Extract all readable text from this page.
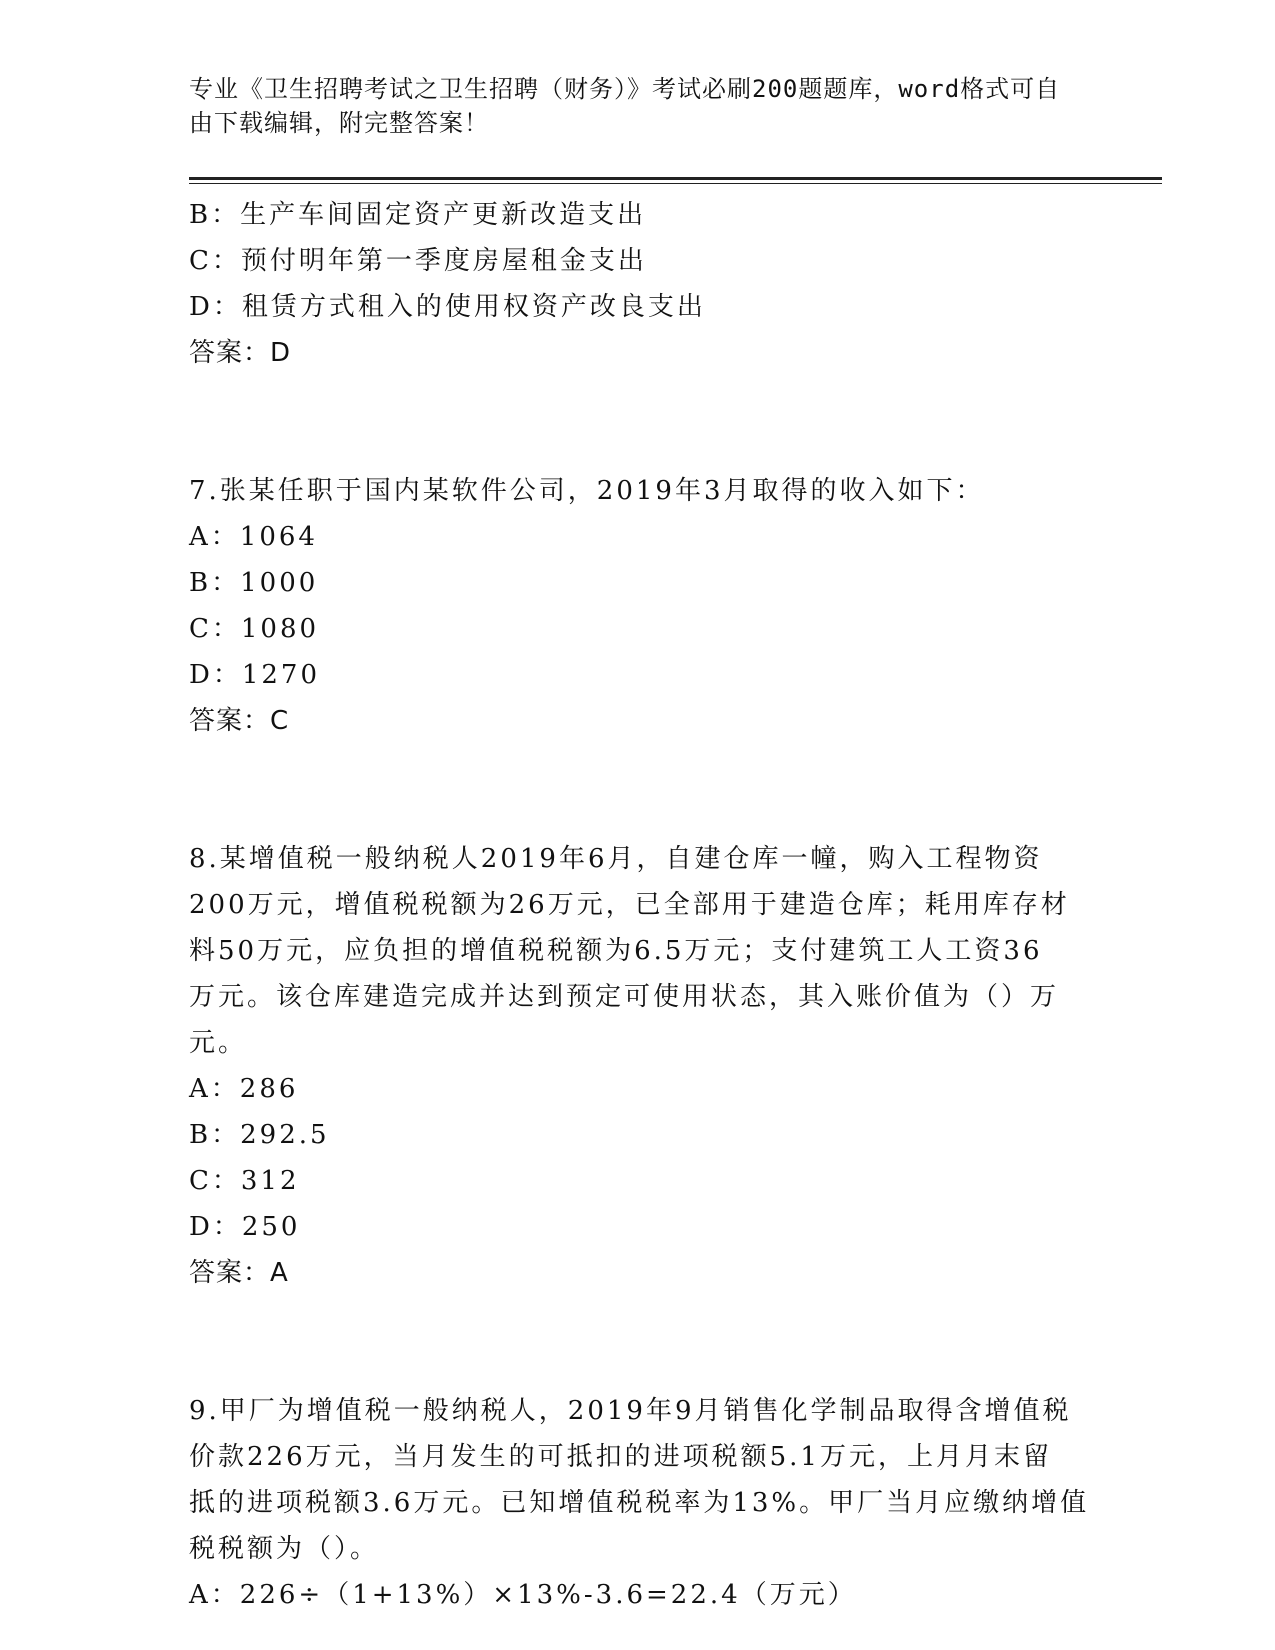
专业《卫生招聘考试之卫生招聘（财务）》考试必刷200题题库，word格式可自
由下载编辑，附完整答案！
B：生产车间固定资产更新改造支出
C：预付明年第一季度房屋租金支出
D：租赁方式租入的使用权资产改良支出
答案：D
7.张某任职于国内某软件公司，2019年3月取得的收入如下：
A：1064
B：1000
C：1080
D：1270
答案：C
8.某增值税一般纳税人2019年6月，自建仓库一幢，购入工程物资
200万元，增值税税额为26万元，已全部用于建造仓库；耗用库存材
料50万元，应负担的增值税税额为6.5万元；支付建筑工人工资36
万元。该仓库建造完成并达到预定可使用状态，其入账价值为（）万
元。
A：286
B：292.5
C：312
D：250
答案：A
9.甲厂为增值税一般纳税人，2019年9月销售化学制品取得含增值税
价款226万元，当月发生的可抵扣的进项税额5.1万元，上月月末留
抵的进项税额3.6万元。已知增值税税率为13%。甲厂当月应缴纳增值
税税额为（）。
A：226÷（1+13%）×13%-3.6=22.4（万元）
